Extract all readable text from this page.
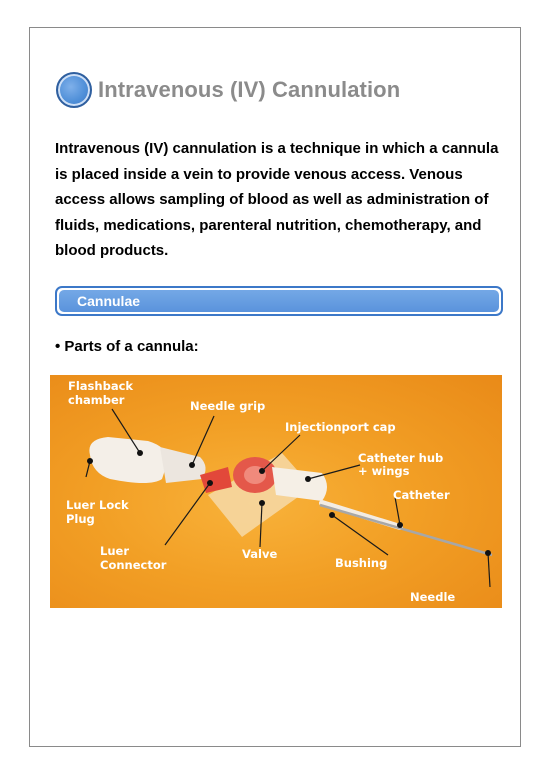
Intravenous (IV) Cannulation
Intravenous (IV) cannulation is a technique in which a cannula is placed inside a vein to provide venous access. Venous access allows sampling of blood as well as administration of fluids, medications, parenteral nutrition, chemotherapy, and blood products.
Cannulae
• Parts of a cannula:
Flashback
chamber	Needle grip
Injectionport cap
Catheter hub
+ wings
Catheter
Luer Lock
Plug
Luer
Connector
Valve
Bushing
Needle
